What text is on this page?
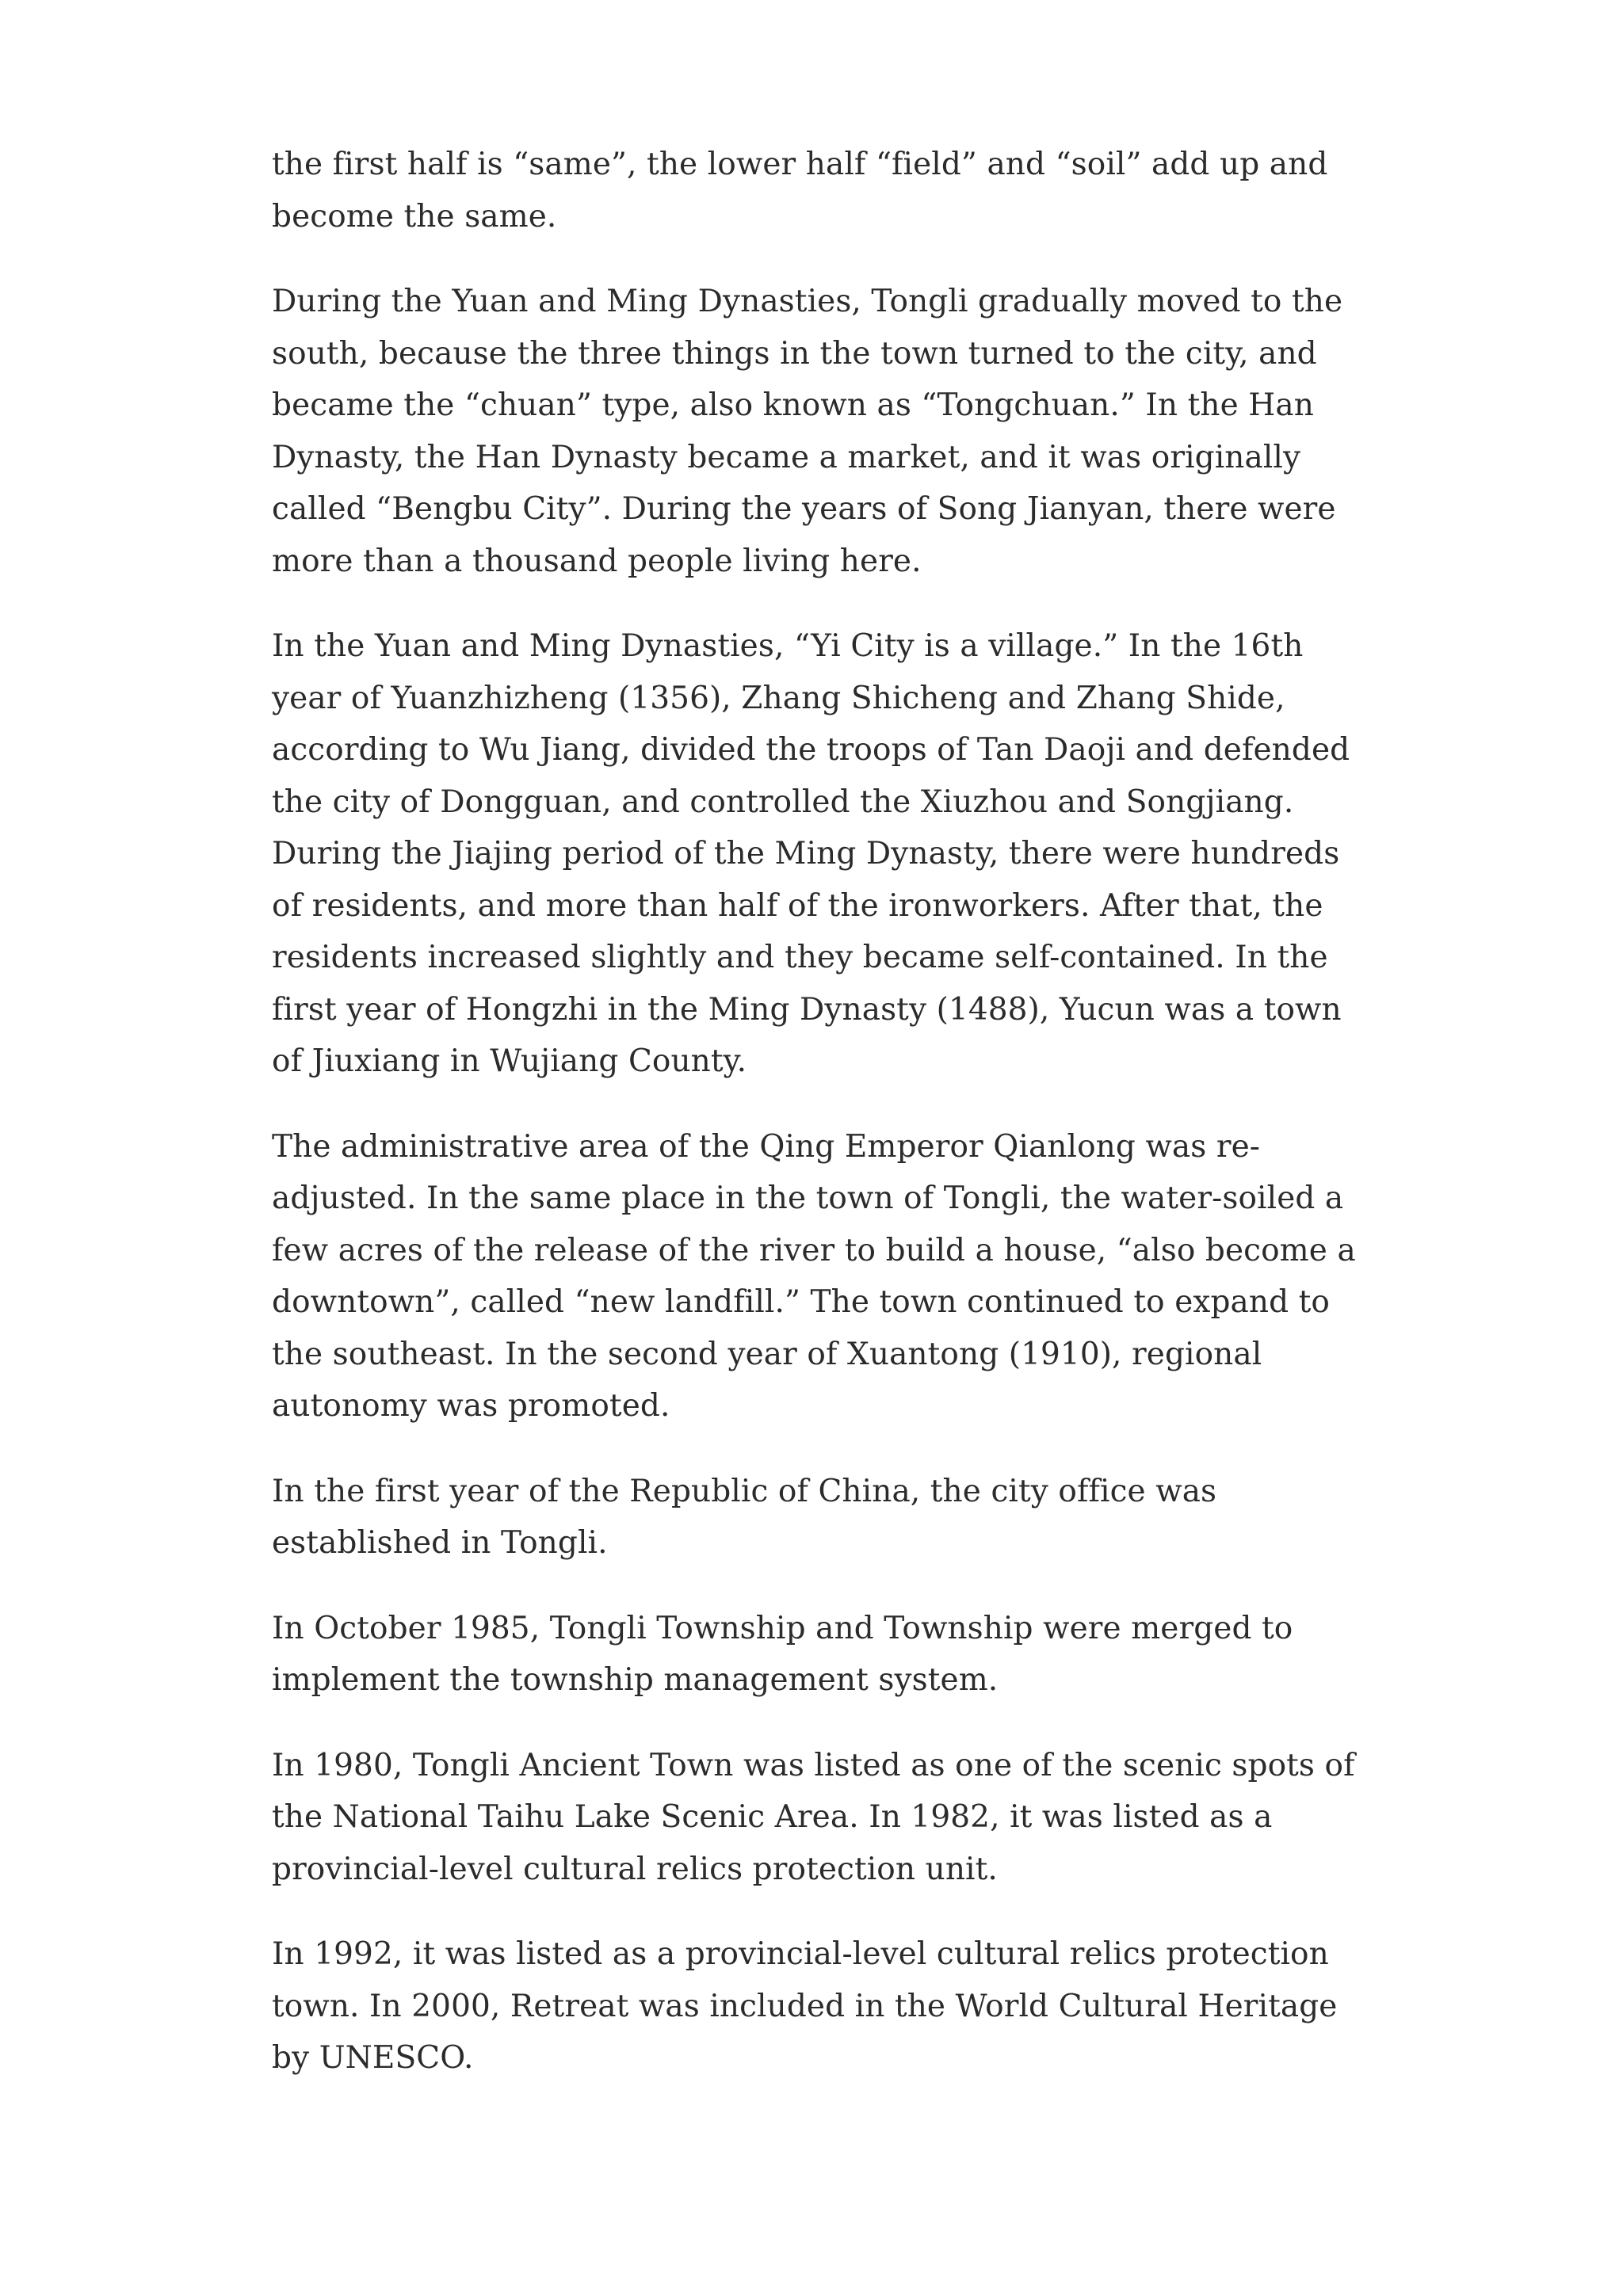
the first half is “same”, the lower half “field” and “soil” add up and become the same.

During the Yuan and Ming Dynasties, Tongli gradually moved to the south, because the three things in the town turned to the city, and became the “chuan” type, also known as “Tongchuan.” In the Han Dynasty, the Han Dynasty became a market, and it was originally called “Bengbu City”. During the years of Song Jianyan, there were more than a thousand people living here.

In the Yuan and Ming Dynasties, “Yi City is a village.” In the 16th year of Yuanzhizheng (1356), Zhang Shicheng and Zhang Shide, according to Wu Jiang, divided the troops of Tan Daoji and defended the city of Dongguan, and controlled the Xiuzhou and Songjiang. During the Jiajing period of the Ming Dynasty, there were hundreds of residents, and more than half of the ironworkers. After that, the residents increased slightly and they became self-contained. In the first year of Hongzhi in the Ming Dynasty (1488), Yucun was a town of Jiuxiang in Wujiang County.

The administrative area of the Qing Emperor Qianlong was re-adjusted. In the same place in the town of Tongli, the water-soiled a few acres of the release of the river to build a house, “also become a downtown”, called “new landfill.” The town continued to expand to the southeast. In the second year of Xuantong (1910), regional autonomy was promoted.

In the first year of the Republic of China, the city office was established in Tongli.

In October 1985, Tongli Township and Township were merged to implement the township management system.

In 1980, Tongli Ancient Town was listed as one of the scenic spots of the National Taihu Lake Scenic Area. In 1982, it was listed as a provincial-level cultural relics protection unit.

In 1992, it was listed as a provincial-level cultural relics protection town. In 2000, Retreat was included in the World Cultural Heritage by UNESCO.
